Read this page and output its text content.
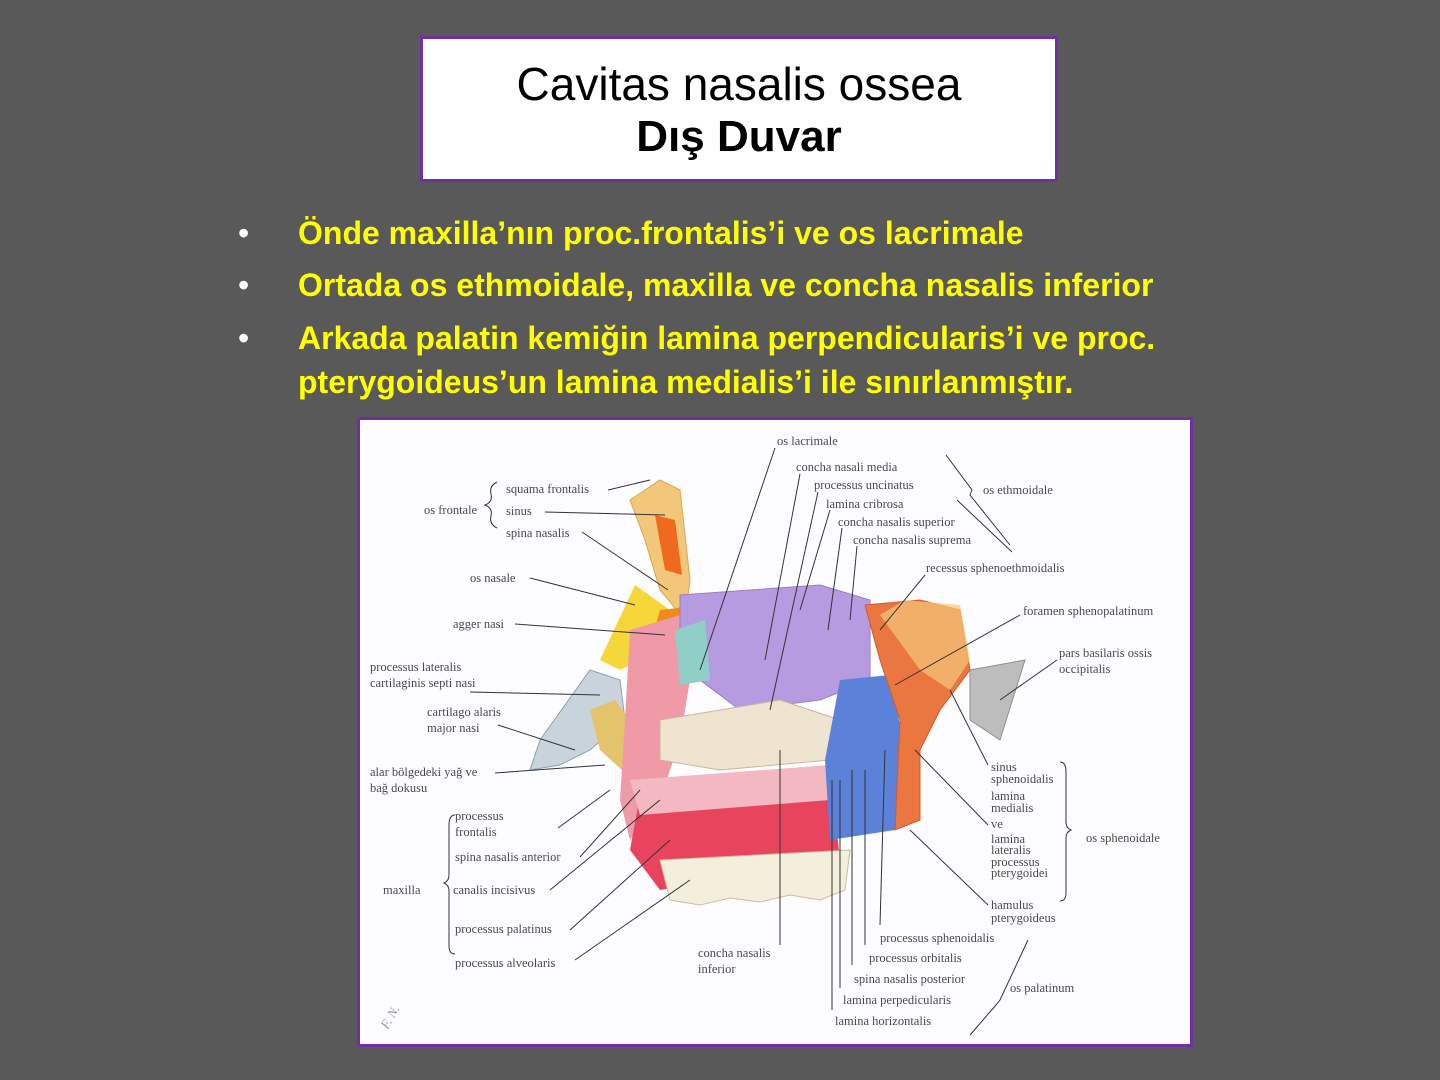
Cavitas nasalis ossea
Dış Duvar
• Önde maxilla’nın proc.frontalis’i ve os lacrimale
• Ortada os ethmoidale, maxilla ve concha nasalis inferior
• Arkada palatin kemiğin lamina perpendicularis’i ve proc. pterygoideus’un lamina medialis’i ile sınırlanmıştır.
os lacrimale
concha nasali media
processus uncinatus
lamina cribrosa
concha nasalis superior
concha nasalis suprema
os ethmoidale
recessus sphenoethmoidalis
foramen sphenopalatinum
pars basilaris ossis
occipitalis
squama frontalis
sinus
spina nasalis
os frontale
os nasale
agger nasi
processus lateralis
cartilaginis septi nasi
cartilago alaris
major nasi
alar bölgedeki yağ ve
bağ dokusu
processus
frontalis
spina nasalis anterior
maxilla	canalis incisivus
processus palatinus
processus alveolaris
concha nasalis
inferior
sinus
sphenoidalis
lamina
medialis
ve
lamina
lateralis
processus
pterygoidei
hamulus
pterygoideus
os sphenoidale
processus sphenoidalis
processus orbitalis
spina nasalis posterior
lamina perpedicularis
lamina horizontalis
os palatinum
F. N.
